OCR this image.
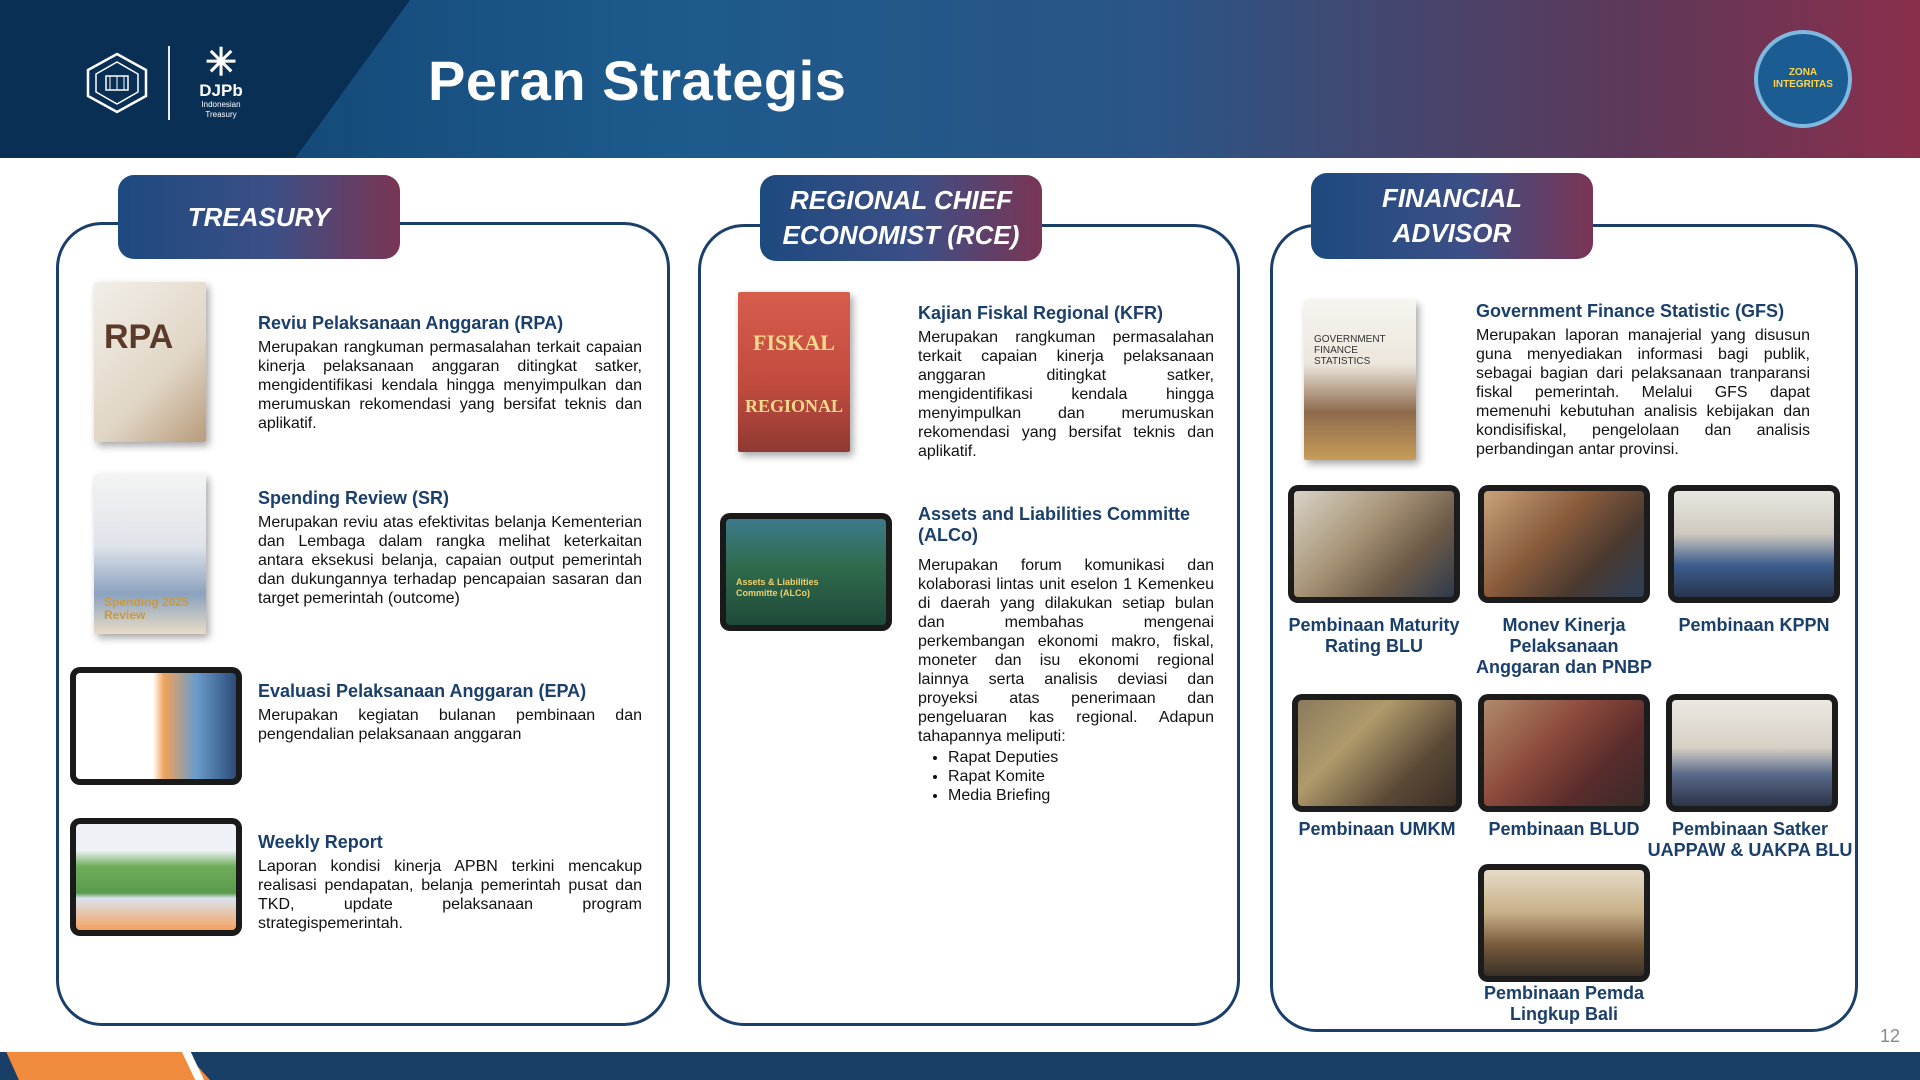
✳
DJPb
Indonesian Treasury
Peran Strategis	ZONA INTEGRITAS
TREASURY
RPA	Reviu Pelaksanaan Anggaran (RPA)
Merupakan rangkuman permasalahan terkait capaian kinerja pelaksanaan anggaran ditingkat satker, mengidentifikasi kendala hingga menyimpulkan dan merumuskan rekomendasi yang bersifat teknis dan aplikatif.
Spending 2025 Review
Spending Review (SR)
Merupakan reviu atas efektivitas belanja Kementerian dan Lembaga dalam rangka melihat keterkaitan antara eksekusi belanja, capaian output pemerintah dan dukungannya terhadap pencapaian sasaran dan target pemerintah (outcome)
Evaluasi Pelaksanaan Anggaran (EPA)
Merupakan kegiatan bulanan pembinaan dan pengendalian pelaksanaan anggaran
Weekly Report
Laporan kondisi kinerja APBN terkini mencakup realisasi pendapatan, belanja pemerintah pusat dan TKD, update pelaksanaan program strategispemerintah.
REGIONAL CHIEF
ECONOMIST (RCE)
FISKAL
REGIONAL
Kajian Fiskal Regional (KFR)
Merupakan rangkuman permasalahan terkait capaian kinerja pelaksanaan anggaran ditingkat satker, mengidentifikasi kendala hingga menyimpulkan dan merumuskan rekomendasi yang bersifat teknis dan aplikatif.
Assets & Liabilities Committe (ALCo)
Assets and Liabilities Committe (ALCo)
Merupakan forum komunikasi dan kolaborasi lintas unit eselon 1 Kemenkeu di daerah yang dilakukan setiap bulan dan membahas mengenai perkembangan ekonomi makro, fiskal, moneter dan isu ekonomi regional lainnya serta analisis deviasi dan proyeksi atas penerimaan dan pengeluaran kas regional. Adapun tahapannya meliputi:
• Rapat Deputies
• Rapat Komite
• Media Briefing
FINANCIAL
ADVISOR
GOVERNMENT FINANCE STATISTICS
Government Finance Statistic (GFS)
Merupakan laporan manajerial yang disusun guna menyediakan informasi bagi publik, sebagai bagian dari pelaksanaan tranparansi fiskal pemerintah. Melalui GFS dapat memenuhi kebutuhan analisis kebijakan dan kondisifiskal, pengelolaan dan analisis perbandingan antar provinsi.
Pembinaan Maturity Rating BLU
Monev Kinerja Pelaksanaan Anggaran dan PNBP
Pembinaan KPPN
Pembinaan UMKM	Pembinaan BLUD	Pembinaan Satker UAPPAW & UAKPA BLU
Pembinaan Pemda Lingkup Bali
12
